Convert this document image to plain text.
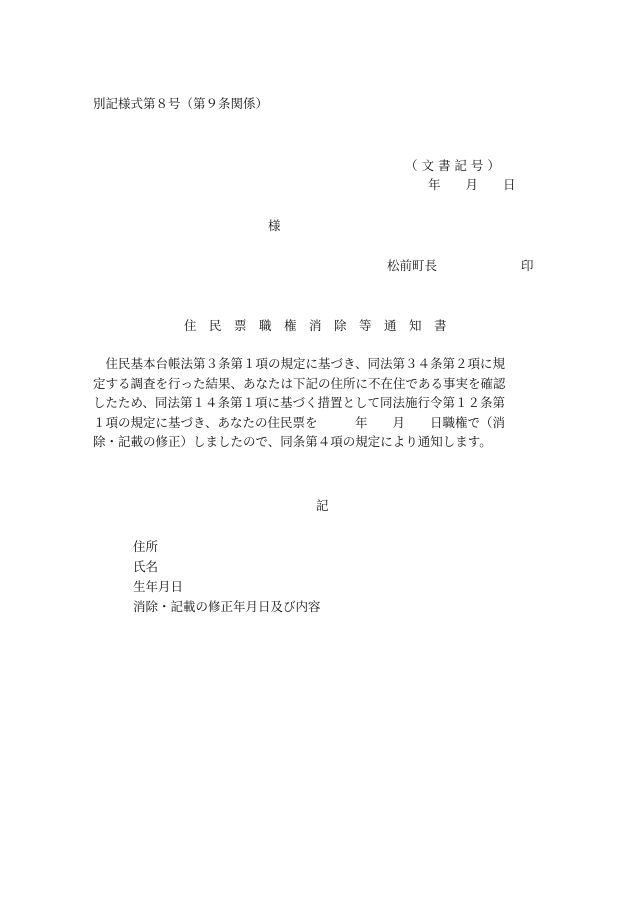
別記様式第８号（第９条関係）
（ 文 書 記 号 ）
年　　月　　日
様
松前町長	印
住　民　票　職　権　消　除　等　通　知　書
　住民基本台帳法第３条第１項の規定に基づき、同法第３４条第２項に規
定する調査を行った結果、あなたは下記の住所に不在住である事実を確認
したため、同法第１４条第１項に基づく措置として同法施行令第１２条第
１項の規定に基づき、あなたの住民票を　　　年　　月　　日職権で（消
除・記載の修正）しましたので、同条第４項の規定により通知します。
記
住所
氏名
生年月日
消除・記載の修正年月日及び内容
